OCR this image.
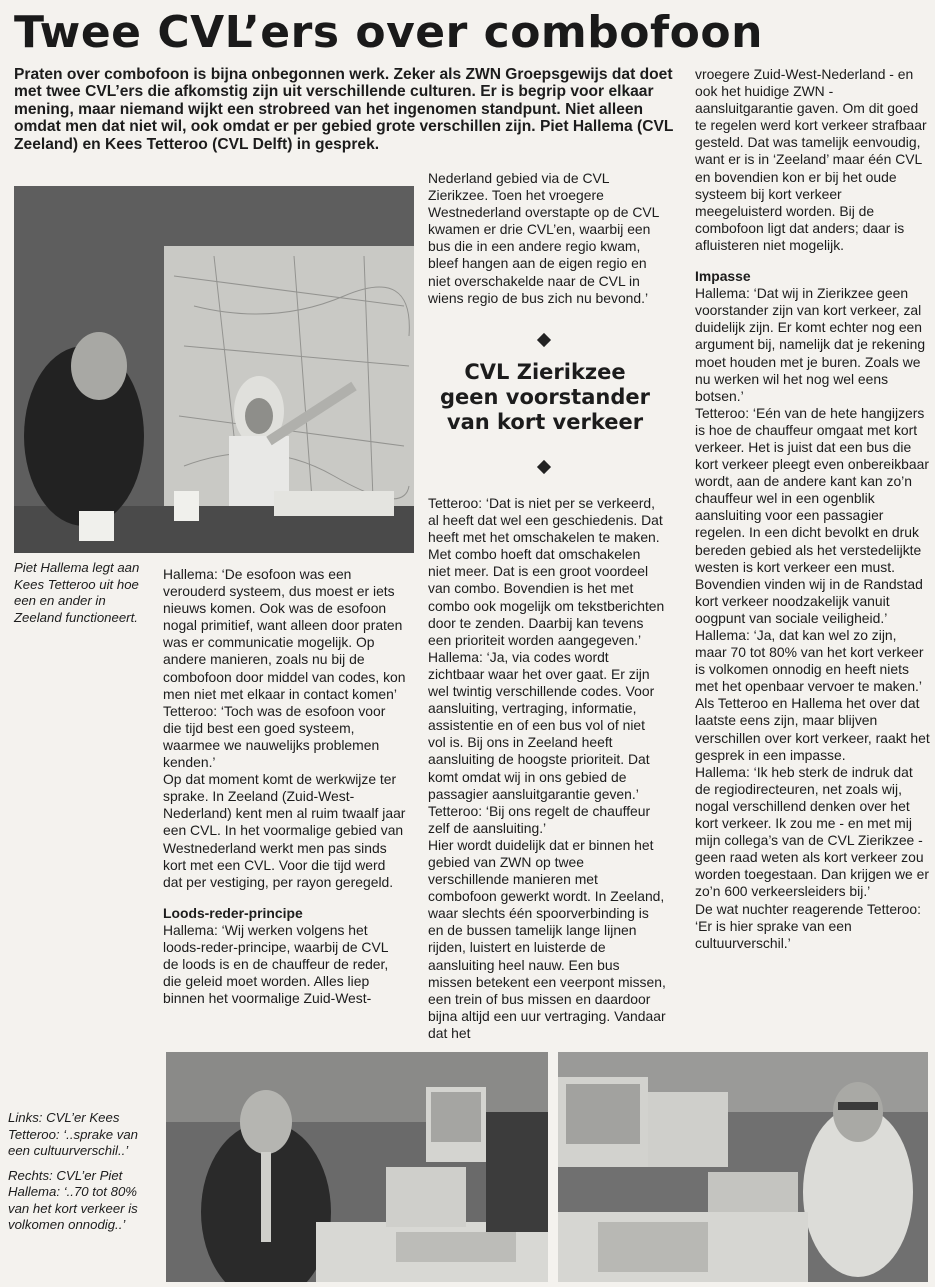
Twee CVL’ers over combofoon
Praten over combofoon is bijna onbegonnen werk. Zeker als ZWN Groepsgewijs dat doet met twee CVL’ers die afkomstig zijn uit verschillende culturen. Er is begrip voor elkaar mening, maar niemand wijkt een strobreed van het ingenomen standpunt. Niet alleen omdat men dat niet wil, ook omdat er per gebied grote verschillen zijn. Piet Hallema (CVL Zeeland) en Kees Tetteroo (CVL Delft) in gesprek.

Piet Hallema legt aan Kees Tetteroo uit hoe een en ander in Zeeland functioneert.

Hallema: ‘De esofoon was een verouderd systeem, dus moest er iets nieuws komen. Ook was de esofoon nogal primitief, want alleen door praten was er communicatie mogelijk. Op andere manieren, zoals nu bij de combofoon door middel van codes, kon men niet met elkaar in contact komen’

Tetteroo: ‘Toch was de esofoon voor die tijd best een goed systeem, waarmee we nauwelijks problemen kenden.’

Op dat moment komt de werkwijze ter sprake. In Zeeland (Zuid-West-Nederland) kent men al ruim twaalf jaar een CVL. In het voormalige gebied van Westnederland werkt men pas sinds kort met een CVL. Voor die tijd werd dat per vestiging, per rayon geregeld.

Loods-reder-principe

Hallema: ‘Wij werken volgens het loods-reder-principe, waarbij de CVL de loods is en de chauffeur de reder, die geleid moet worden. Alles liep binnen het voormalige Zuid-West-

Nederland gebied via de CVL Zierikzee. Toen het vroegere Westnederland overstapte op de CVL kwamen er drie CVL’en, waarbij een bus die in een andere regio kwam, bleef hangen aan de eigen regio en niet overschakelde naar de CVL in wiens regio de bus zich nu bevond.’

CVL Zierikzee geen voorstander van kort verkeer

Tetteroo: ‘Dat is niet per se verkeerd, al heeft dat wel een geschiedenis. Dat heeft met het omschakelen te maken. Met combo hoeft dat omschakelen niet meer. Dat is een groot voordeel van combo. Bovendien is het met combo ook mogelijk om tekstberichten door te zenden. Daarbij kan tevens een prioriteit worden aangegeven.’

Hallema: ‘Ja, via codes wordt zichtbaar waar het over gaat. Er zijn wel twintig verschillende codes. Voor aansluiting, vertraging, informatie, assistentie en of een bus vol of niet vol is. Bij ons in Zeeland heeft aansluiting de hoogste prioriteit. Dat komt omdat wij in ons gebied de passagier aansluitgarantie geven.’

Tetteroo: ‘Bij ons regelt de chauffeur zelf de aansluiting.’

Hier wordt duidelijk dat er binnen het gebied van ZWN op twee verschillende manieren met combofoon gewerkt wordt. In Zeeland, waar slechts één spoorverbinding is en de bussen tamelijk lange lijnen rijden, luistert en luisterde de aansluiting heel nauw. Een bus missen betekent een veerpont missen, een trein of bus missen en daardoor bijna altijd een uur vertraging. Vandaar dat het

vroegere Zuid-West-Nederland - en ook het huidige ZWN - aansluitgarantie gaven. Om dit goed te regelen werd kort verkeer strafbaar gesteld. Dat was tamelijk eenvoudig, want er is in ‘Zeeland’ maar één CVL en bovendien kon er bij het oude systeem bij kort verkeer meegeluisterd worden. Bij de combofoon ligt dat anders; daar is afluisteren niet mogelijk.

Impasse

Hallema: ‘Dat wij in Zierikzee geen voorstander zijn van kort verkeer, zal duidelijk zijn. Er komt echter nog een argument bij, namelijk dat je rekening moet houden met je buren. Zoals we nu werken wil het nog wel eens botsen.’

Tetteroo: ‘Eén van de hete hangijzers is hoe de chauffeur omgaat met kort verkeer. Het is juist dat een bus die kort verkeer pleegt even onbereikbaar wordt, aan de andere kant kan zo’n chauffeur wel in een ogenblik aansluiting voor een passagier regelen. In een dicht bevolkt en druk bereden gebied als het verstedelijkte westen is kort verkeer een must. Bovendien vinden wij in de Randstad kort verkeer noodzakelijk vanuit oogpunt van sociale veiligheid.’

Hallema: ‘Ja, dat kan wel zo zijn, maar 70 tot 80% van het kort verkeer is volkomen onnodig en heeft niets met het openbaar vervoer te maken.’

Als Tetteroo en Hallema het over dat laatste eens zijn, maar blijven verschillen over kort verkeer, raakt het gesprek in een impasse.

Hallema: ‘Ik heb sterk de indruk dat de regiodirecteuren, net zoals wij, nogal verschillend denken over het kort verkeer. Ik zou me - en met mij mijn collega’s van de CVL Zierikzee - geen raad weten als kort verkeer zou worden toegestaan. Dan krijgen we er zo’n 600 verkeersleiders bij.’

De wat nuchter reagerende Tetteroo: ‘Er is hier sprake van een cultuurverschil.’

Links: CVL’er Kees Tetteroo: ‘..sprake van een cultuurverschil..’

Rechts: CVL’er Piet Hallema: ‘..70 tot 80% van het kort verkeer is volkomen onnodig..’
